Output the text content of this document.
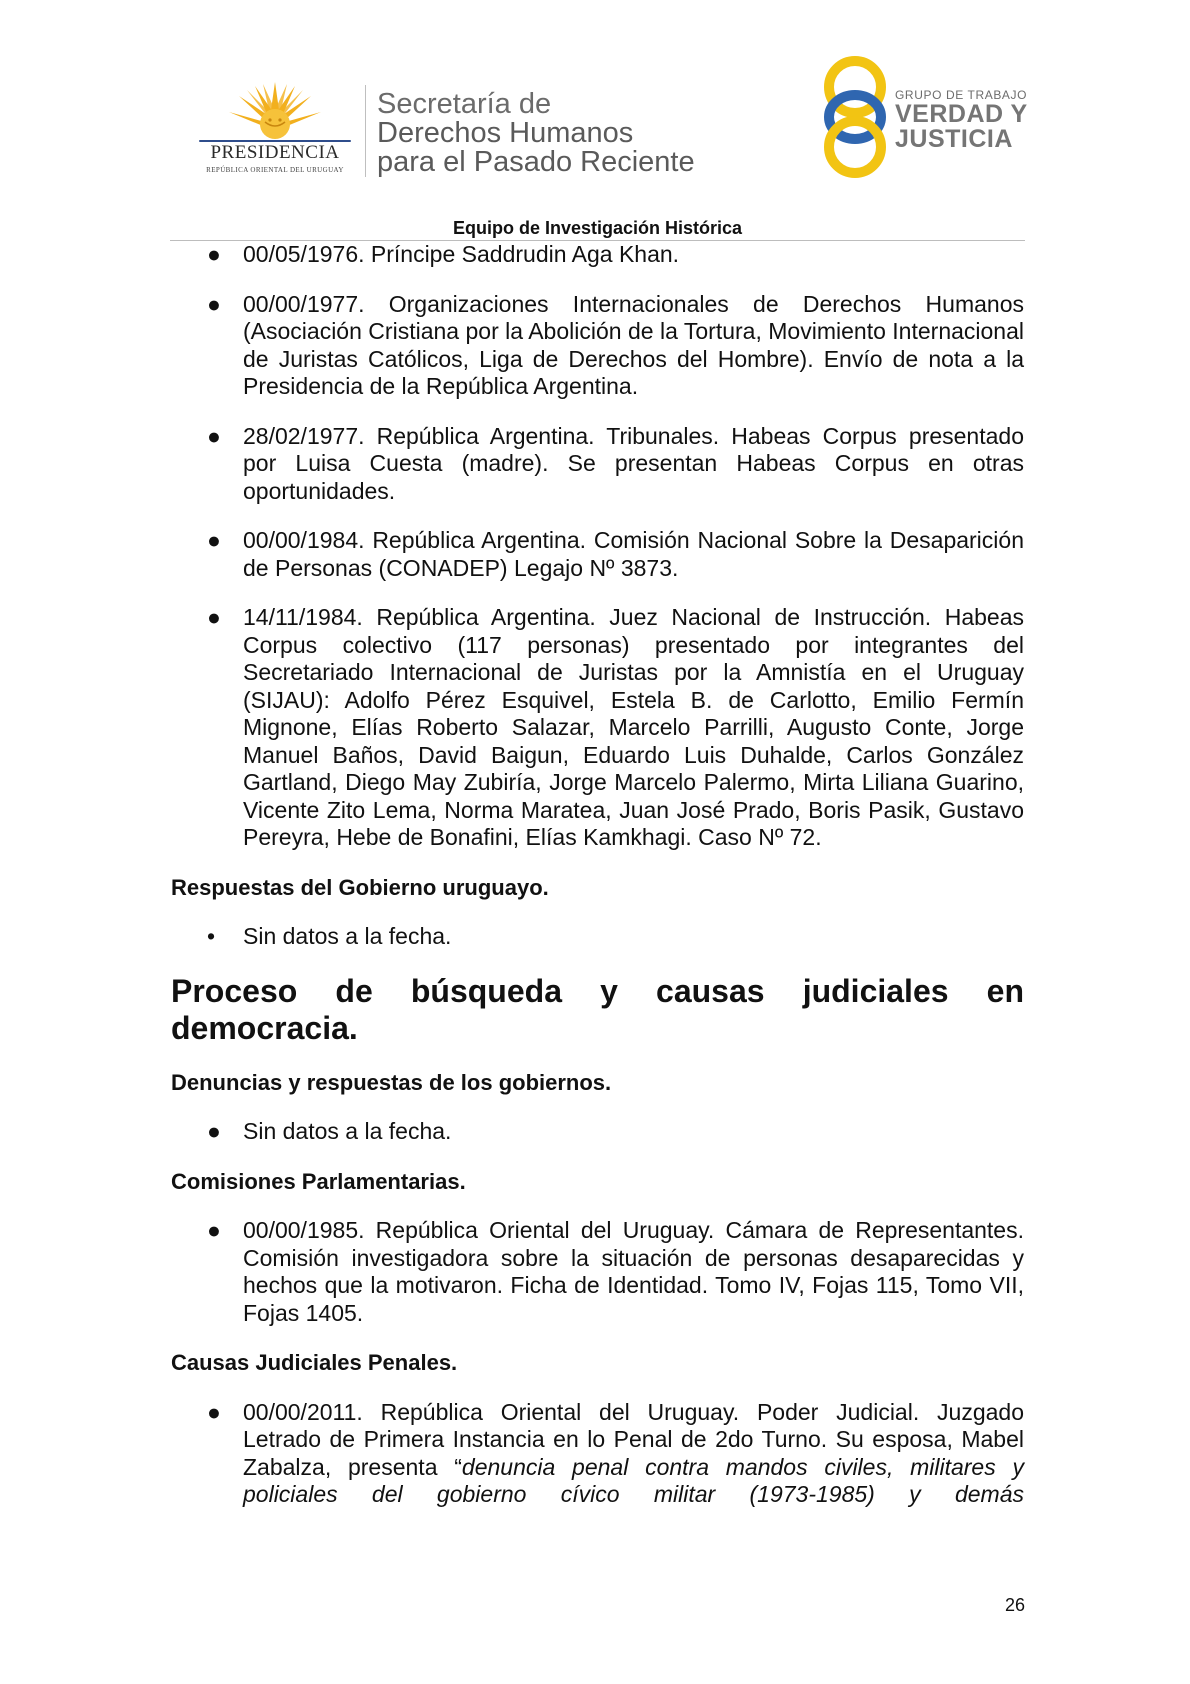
PRESIDENCIA
REPÚBLICA ORIENTAL DEL URUGUAY
Secretaría de
Derechos Humanos
para el Pasado Reciente
GRUPO DE TRABAJO
VERDAD Y
JUSTICIA
Equipo de Investigación Histórica
● 00/05/1976. Príncipe Saddrudin Aga Khan.
● 00/00/1977. Organizaciones Internacionales de Derechos Humanos (Asociación Cristiana por la Abolición de la Tortura, Movimiento Internacional de Juristas Católicos, Liga de Derechos del Hombre). Envío de nota a la Presidencia de la República Argentina.
● 28/02/1977. República Argentina. Tribunales. Habeas Corpus presentado por Luisa Cuesta (madre). Se presentan Habeas Corpus en otras oportunidades.
● 00/00/1984. República Argentina. Comisión Nacional Sobre la Desaparición de Personas (CONADEP) Legajo Nº 3873.
● 14/11/1984. República Argentina. Juez Nacional de Instrucción. Habeas Corpus colectivo (117 personas) presentado por integrantes del Secretariado Internacional de Juristas por la Amnistía en el Uruguay (SIJAU): Adolfo Pérez Esquivel, Estela B. de Carlotto, Emilio Fermín Mignone, Elías Roberto Salazar, Marcelo Parrilli, Augusto Conte, Jorge Manuel Baños, David Baigun, Eduardo Luis Duhalde, Carlos González Gartland, Diego May Zubiría, Jorge Marcelo Palermo, Mirta Liliana Guarino, Vicente Zito Lema, Norma Maratea, Juan José Prado, Boris Pasik, Gustavo Pereyra, Hebe de Bonafini, Elías Kamkhagi. Caso Nº 72.
Respuestas del Gobierno uruguayo.
• Sin datos a la fecha.
Proceso de búsqueda y causas judiciales en
democracia.
Denuncias y respuestas de los gobiernos.
● Sin datos a la fecha.
Comisiones Parlamentarias.
● 00/00/1985. República Oriental del Uruguay. Cámara de Representantes. Comisión investigadora sobre la situación de personas desaparecidas y hechos que la motivaron. Ficha de Identidad. Tomo IV, Fojas 115, Tomo VII, Fojas 1405.
Causas Judiciales Penales.
● 00/00/2011. República Oriental del Uruguay. Poder Judicial. Juzgado Letrado de Primera Instancia en lo Penal de 2do Turno. Su esposa, Mabel Zabalza, presenta “denuncia penal contra mandos civiles, militares y policiales del gobierno cívico militar (1973-1985) y demás
26
